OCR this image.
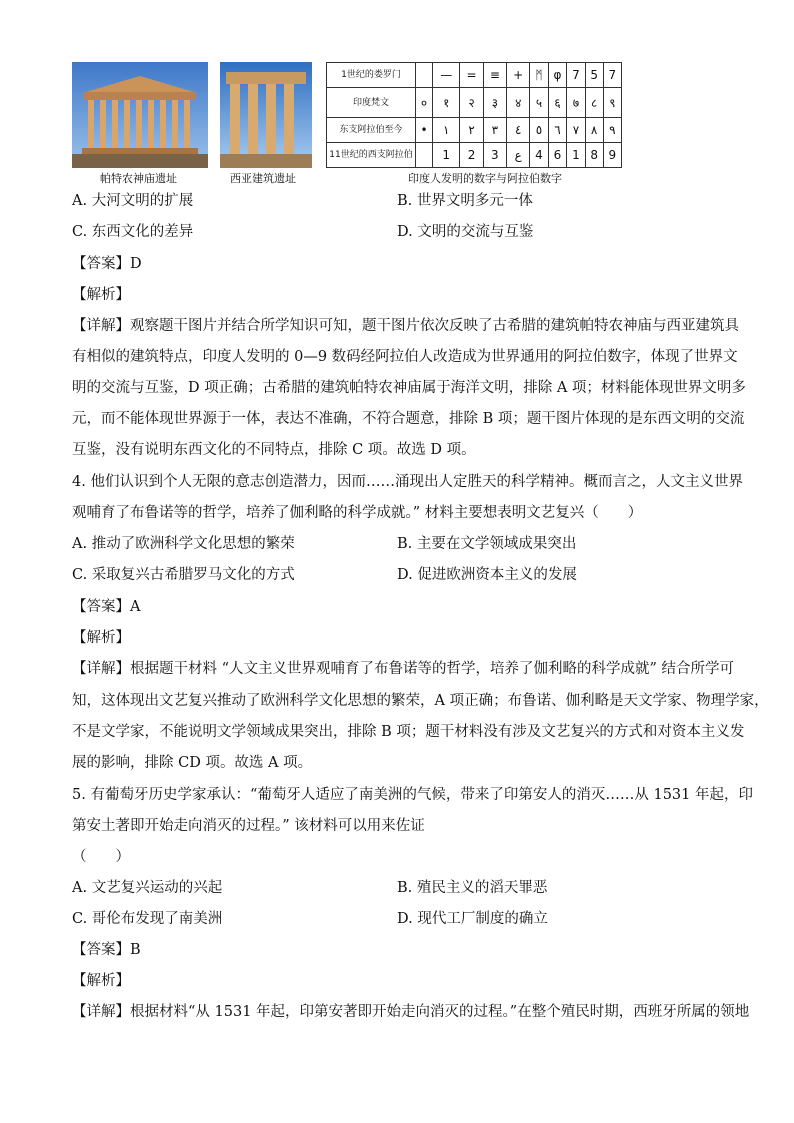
1世纪的娄罗门		—	=	≡	+	ᛗ	φ	7	5	7
印度梵文	०	१	२	३	४	५	६	७	८	९
东支阿拉伯至今	•	١	٢	٣	٤	٥	٦	٧	٨	٩
11世纪的西支阿拉伯		1	2	3	ع	4	6	1	8	9
帕特农神庙遗址	西亚建筑遗址	印度人发明的数字与阿拉伯数字
A. 大河文明的扩展	B. 世界文明多元一体
C. 东西文化的差异	D. 文明的交流与互鉴
【答案】D
【解析】
【详解】观察题干图片并结合所学知识可知，题干图片依次反映了古希腊的建筑帕特农神庙与西亚建筑具
有相似的建筑特点，印度人发明的 0—9 数码经阿拉伯人改造成为世界通用的阿拉伯数字，体现了世界文
明的交流与互鉴，D 项正确；古希腊的建筑帕特农神庙属于海洋文明，排除 A 项；材料能体现世界文明多
元，而不能体现世界源于一体，表达不准确，不符合题意，排除 B 项；题干图片体现的是东西文明的交流
互鉴，没有说明东西文化的不同特点，排除 C 项。故选 D 项。
4. 他们认识到个人无限的意志创造潜力，因而……涌现出人定胜天的科学精神。概而言之，人文主义世界
观哺育了布鲁诺等的哲学，培养了伽利略的科学成就。” 材料主要想表明文艺复兴（　　）
A. 推动了欧洲科学文化思想的繁荣	B. 主要在文学领域成果突出
C. 采取复兴古希腊罗马文化的方式	D. 促进欧洲资本主义的发展
【答案】A
【解析】
【详解】根据题干材料 “人文主义世界观哺育了布鲁诺等的哲学，培养了伽利略的科学成就” 结合所学可
知，这体现出文艺复兴推动了欧洲科学文化思想的繁荣，A 项正确；布鲁诺、伽利略是天文学家、物理学家，
不是文学家，不能说明文学领域成果突出，排除 B 项；题干材料没有涉及文艺复兴的方式和对资本主义发
展的影响，排除 CD 项。故选 A 项。
5. 有葡萄牙历史学家承认：“葡萄牙人适应了南美洲的气候，带来了印第安人的消灭……从 1531 年起，印
第安土著即开始走向消灭的过程。” 该材料可以用来佐证
（　　）
A. 文艺复兴运动的兴起	B. 殖民主义的滔天罪恶
C. 哥伦布发现了南美洲	D. 现代工厂制度的确立
【答案】B
【解析】
【详解】根据材料“从 1531 年起，印第安著即开始走向消灭的过程。”在整个殖民时期，西班牙所属的领地
